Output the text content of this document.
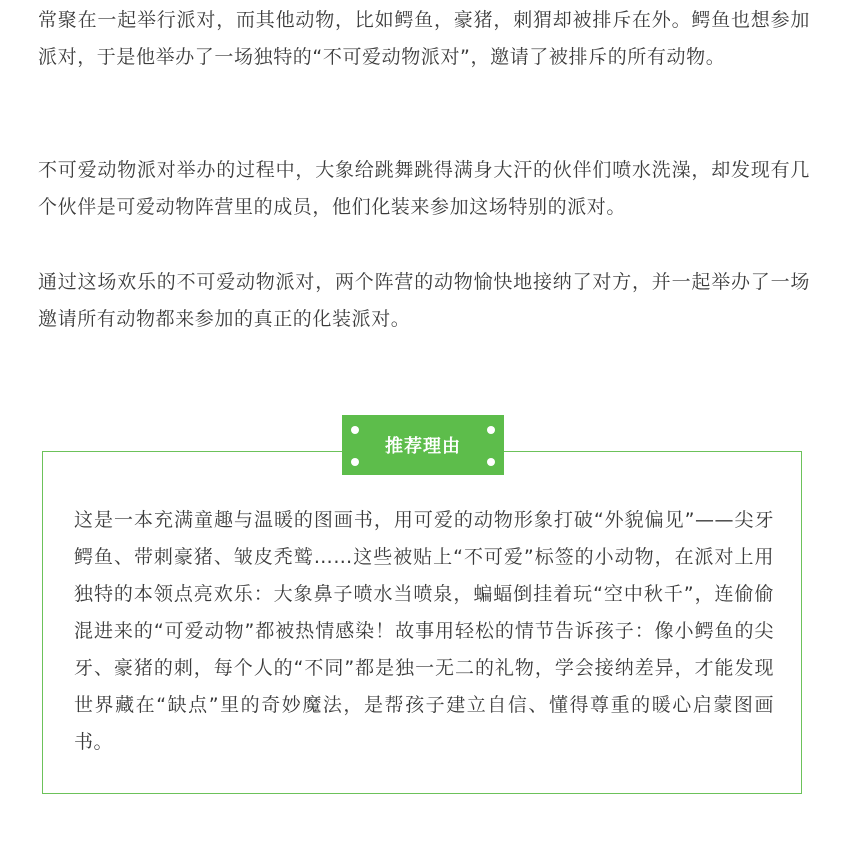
常聚在一起举行派对，而其他动物，比如鳄鱼，豪猪，刺猬却被排斥在外。鳄鱼也想参加派对，于是他举办了一场独特的“不可爱动物派对”，邀请了被排斥的所有动物。

不可爱动物派对举办的过程中，大象给跳舞跳得满身大汗的伙伴们喷水洗澡，却发现有几个伙伴是可爱动物阵营里的成员，他们化装来参加这场特别的派对。

通过这场欢乐的不可爱动物派对，两个阵营的动物愉快地接纳了对方，并一起举办了一场邀请所有动物都来参加的真正的化装派对。

这是一本充满童趣与温暖的图画书，用可爱的动物形象打破“外貌偏见”——尖牙鳄鱼、带刺豪猪、皱皮秃鹫……这些被贴上“不可爱”标签的小动物，在派对上用独特的本领点亮欢乐：大象鼻子喷水当喷泉，蝙蝠倒挂着玩“空中秋千”，连偷偷混进来的“可爱动物”都被热情感染！故事用轻松的情节告诉孩子：像小鳄鱼的尖牙、豪猪的刺，每个人的“不同”都是独一无二的礼物，学会接纳差异，才能发现世界藏在“缺点”里的奇妙魔法，是帮孩子建立自信、懂得尊重的暖心启蒙图画书。

推荐理由
